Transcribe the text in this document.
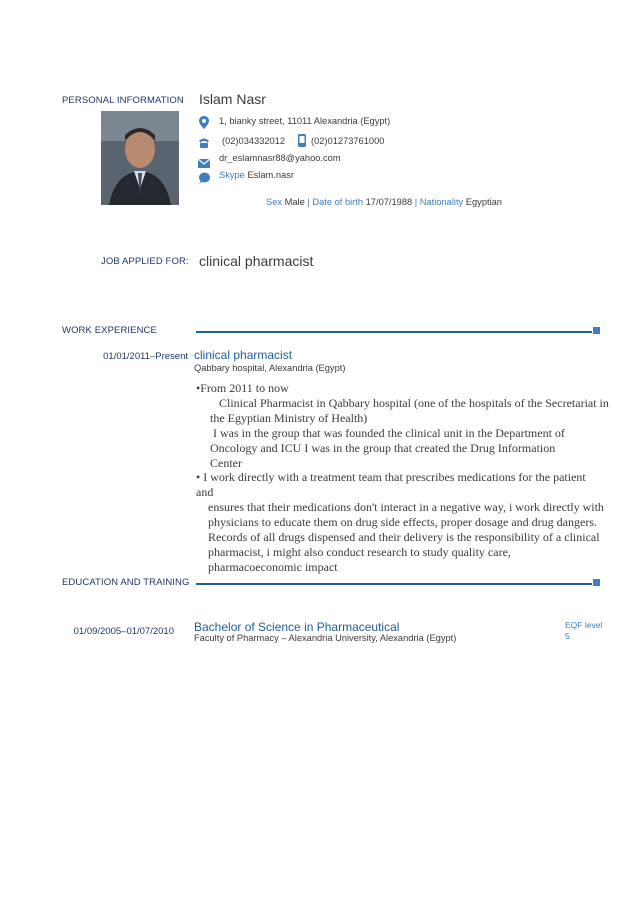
PERSONAL INFORMATION Islam Nasr
1, bianky street, 11011 Alexandria (Egypt)
(02)034332012	(02)01273761000
dr_eslamnasr88@yahoo.com
Skype Eslam.nasr
Sex Male | Date of birth 17/07/1988 | Nationality Egyptian
JOB APPLIED FOR: clinical pharmacist
WORK EXPERIENCE
01/01/2011–Present clinical pharmacist
Qabbary hospital, Alexandria (Egypt)
•From 2011 to now
Clinical Pharmacist in Qabbary hospital (one of the hospitals of the Secretariat in
the Egyptian Ministry of Health)
I was in the group that was founded the clinical unit in the Department of
Oncology and ICU I was in the group that created the Drug Information
Center
• I work directly with a treatment team that prescribes medications for the patient and
ensures that their medications don't interact in a negative way, i work directly with
physicians to educate them on drug side effects, proper dosage and drug dangers.
Records of all drugs dispensed and their delivery is the responsibility of a clinical
pharmacist, i might also conduct research to study quality care,
pharmacoeconomic impact
EDUCATION AND TRAINING
01/09/2005–01/07/2010 Bachelor of Science in Pharmaceutical
Faculty of Pharmacy – Alexandria University, Alexandria (Egypt)
EQF level
5
